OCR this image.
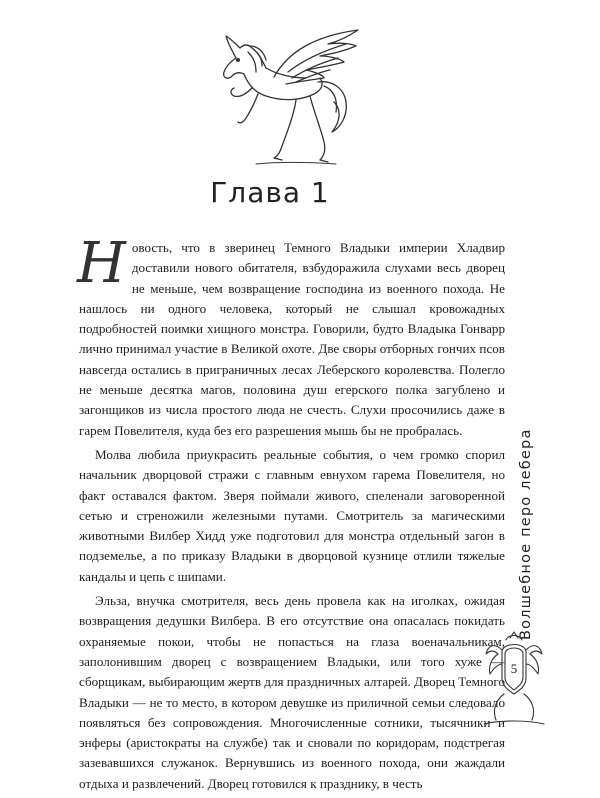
Глава 1

Новость, что в зверинец Темного Владыки империи Хладвир доставили нового обитателя, взбудоражила слухами весь дворец не меньше, чем возвращение господина из военного похода. Не нашлось ни одного человека, который не слышал кровожадных подробностей поимки хищного монстра. Говорили, будто Владыка Гонварр лично принимал участие в Великой охоте. Две своры отборных гончих псов навсегда остались в приграничных лесах Леберского королевства. Полегло не меньше десятка магов, половина душ егерского полка загублено и загонщиков из числа простого люда не счесть. Слухи просочились даже в гарем Повелителя, куда без его разрешения мышь бы не пробралась.

Молва любила приукрасить реальные события, о чем громко спорил начальник дворцовой стражи с главным евнухом гарема Повелителя, но факт оставался фактом. Зверя поймали живого, спеленали заговоренной сетью и стреножили железными путами. Смотритель за магическими животными Вилбер Хидд уже подготовил для монстра отдельный загон в подземелье, а по приказу Владыки в дворцовой кузнице отлили тяжелые кандалы и цепь с шипами.

Эльза, внучка смотрителя, весь день провела как на иголках, ожидая возвращения дедушки Вилбера. В его отсутствие она опасалась покидать охраняемые покои, чтобы не попасться на глаза военачальникам, заполонившим дворец с возвращением Владыки, или того хуже — сборщикам, выбирающим жертв для праздничных алтарей. Дворец Темного Владыки — не то место, в котором девушке из приличной семьи следовало появляться без сопровождения. Многочисленные сотники, тысячники и энферы (аристократы на службе) так и сновали по коридорам, подстрегая зазевавшихся служанок. Вернувшись из военного похода, они жаждали отдыха и развлечений. Дворец готовился к празднику, в честь

Волшебное перо лебера
5
